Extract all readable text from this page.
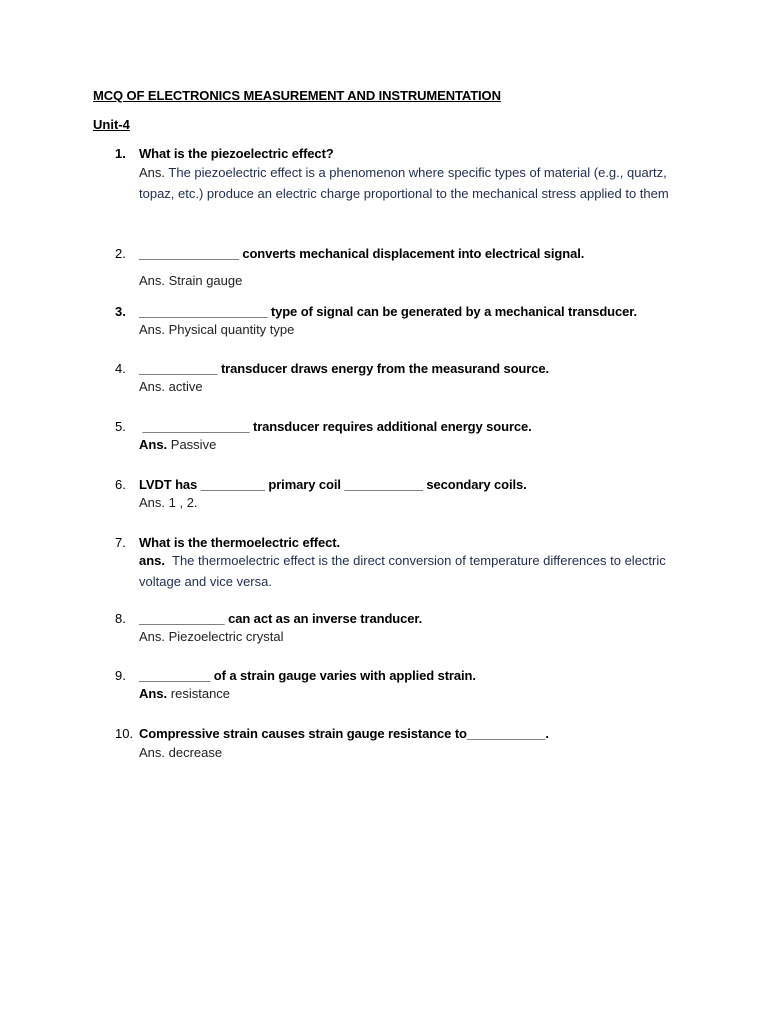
MCQ OF ELECTRONICS MEASUREMENT AND INSTRUMENTATION
Unit-4
1. What is the piezoelectric effect?
Ans. The piezoelectric effect is a phenomenon where specific types of material (e.g., quartz, topaz, etc.) produce an electric charge proportional to the mechanical stress applied to them
2. ______________ converts mechanical displacement into electrical signal.
Ans. Strain gauge
3. __________________ type of signal can be generated by a mechanical transducer.
Ans. Physical quantity type
4. ___________ transducer draws energy from the measurand source.
Ans. active
5. _______________ transducer requires additional energy source.
Ans. Passive
6. LVDT has _________ primary coil ___________ secondary coils.
Ans. 1 , 2.
7. What is the thermoelectric effect.
ans.  The thermoelectric effect is the direct conversion of temperature differences to electric voltage and vice versa.
8. ____________ can act as an inverse tranducer.
Ans. Piezoelectric crystal
9. __________ of a strain gauge varies with applied strain.
Ans. resistance
10. Compressive strain causes strain gauge resistance to___________.
Ans. decrease
